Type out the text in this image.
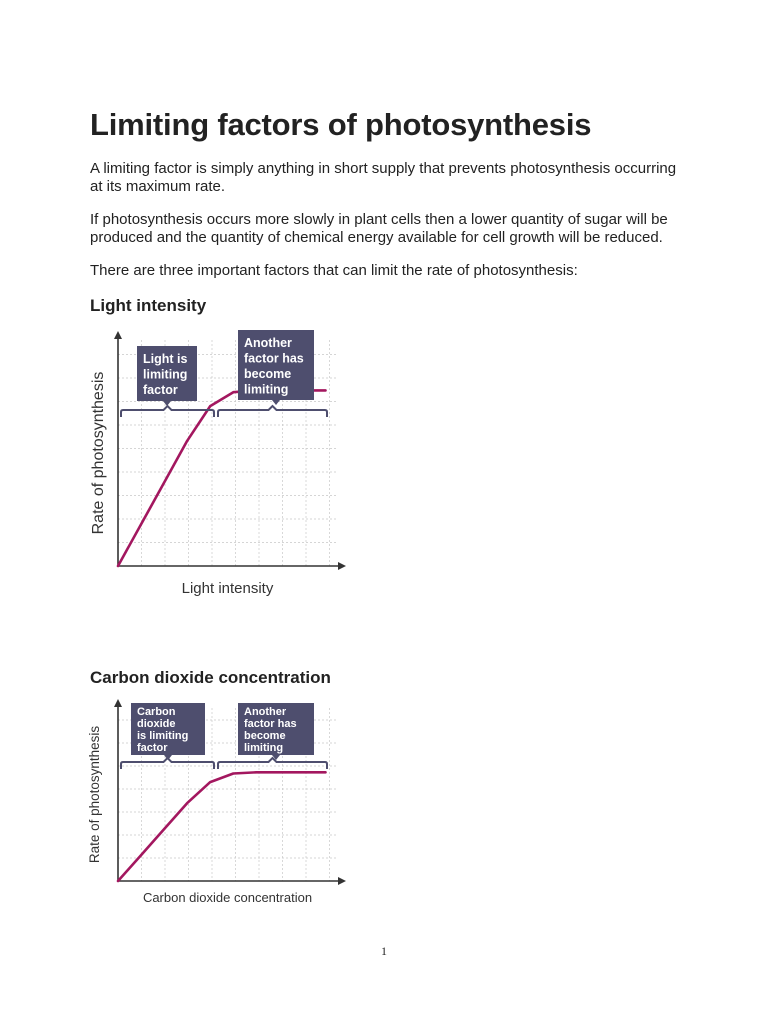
Limiting factors of photosynthesis

A limiting factor is simply anything in short supply that prevents photosynthesis occurring at its maximum rate.

If photosynthesis occurs more slowly in plant cells then a lower quantity of sugar will be produced and the quantity of chemical energy available for cell growth will be reduced.

There are three important factors that can limit the rate of photosynthesis:

Light intensity
Light is
limiting
factor
Another
factor has
become
limiting
Light intensity
Rate of photosynthesis
Carbon dioxide concentration
Carbon
dioxide
is limiting
factor
Another
factor has
become
limiting
Carbon dioxide concentration
Rate of photosynthesis
1
